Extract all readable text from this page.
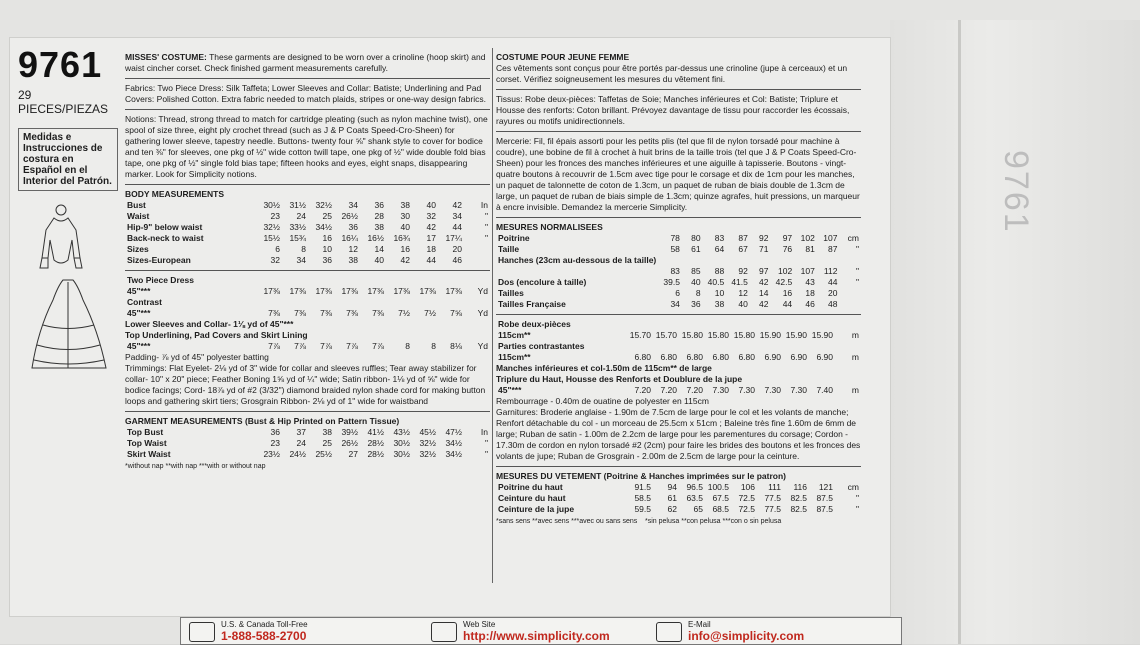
9761
9761
29 PIECES/PIEZAS
Medidas e Instrucciones de costura en Español en el Interior del Patrón.

MISSES' COSTUME: These garments are designed to be worn over a crinoline (hoop skirt) and waist cincher corset. Check finished garment measurements carefully.

Fabrics: Two Piece Dress: Silk Taffeta; Lower Sleeves and Collar: Batiste; Underlining and Pad Covers: Polished Cotton. Extra fabric needed to match plaids, stripes or one-way design fabrics.

Notions: Thread, strong thread to match for cartridge pleating (such as nylon machine twist), one spool of size three, eight ply crochet thread (such as J & P Coats Speed-Cro-Sheen) for gathering lower sleeve, tapestry needle. Buttons- twenty four ⅝" shank style to cover for bodice and ten ⅜" for sleeves, one pkg of ½" wide cotton twill tape, one pkg of ½" wide double fold bias tape, one pkg of ½" single fold bias tape; fifteen hooks and eyes, eight snaps, disappearing marker. Look for Simplicity notions.

BODY MEASUREMENTS
Bust	30½	31½	32½	34	36	38	40	42	In
Waist	23	24	25	26½	28	30	32	34	"
Hip-9" below waist	32½	33½	34½	36	38	40	42	44	"
Back-neck to waist	15½	15¾	16	16¼	16½	16¾	17	17¼	"
Sizes	6	8	10	12	14	16	18	20	
Sizes-European	32	34	36	38	40	42	44	46	
Two Piece Dress									
45"***	17⅜	17⅜	17⅜	17⅜	17⅜	17⅜	17⅜	17⅜	Yd
Contrast									
45"***	7⅜	7⅜	7⅜	7⅜	7⅜	7½	7½	7⅝	Yd

Lower Sleeves and Collar- 1⅛ yd of 45"***

Top Underlining, Pad Covers and Skirt Lining

45"***	7⅞	7⅞	7⅞	7⅞	7⅞	8	8	8⅛	Yd

Padding- ⅞ yd of 45" polyester batting

Trimmings: Flat Eyelet- 2⅛ yd of 3" wide for collar and sleeves ruffles; Tear away stabilizer for collar- 10" x 20" piece; Feather Boning 1⅝ yd of ¼" wide; Satin ribbon- 1⅛ yd of ⅝" wide for bodice facings; Cord- 18⅞ yd of #2 (3/32") diamond braided nylon shade cord for making button loops and gathering skirt tiers; Grosgrain Ribbon- 2⅛ yd of 1" wide for waistband

GARMENT MEASUREMENTS (Bust & Hip Printed on Pattern Tissue)
Top Bust	36	37	38	39½	41½	43½	45½	47½	In
Top Waist	23	24	25	26½	28½	30½	32½	34½	"
Skirt Waist	23½	24½	25½	27	28½	30½	32½	34½	"
*without nap **with nap ***with or without nap

COSTUME POUR JEUNE FEMME

Ces vêtements sont conçus pour être portés par-dessus une crinoline (jupe à cerceaux) et un corset. Vérifiez soigneusement les mesures du vêtement fini.

Tissus: Robe deux-pièces: Taffetas de Soie; Manches inférieures et Col: Batiste; Triplure et Housse des renforts: Coton brillant. Prévoyez davantage de tissu pour raccorder les écossais, rayures ou motifs unidirectionnels.

Mercerie: Fil, fil épais assorti pour les petits plis (tel que fil de nylon torsadé pour machine à coudre), une bobine de fil à crochet à huit brins de la taille trois (tel que J & P Coats Speed-Cro-Sheen) pour les fronces des manches inférieures et une aiguille à tapisserie. Boutons - vingt-quatre boutons à recouvrir de 1.5cm avec tige pour le corsage et dix de 1cm pour les manches, un paquet de talonnette de coton de 1.3cm, un paquet de ruban de biais double de 1.3cm de large, un paquet de ruban de biais simple de 1.3cm; quinze agrafes, huit pressions, un marqueur à encre invisible. Demandez la mercerie Simplicity.

MESURES NORMALISEES
Poitrine	78	80	83	87	92	97	102	107	cm
Taille	58	61	64	67	71	76	81	87	"
Hanches (23cm au-dessous de la taille)									
	83	85	88	92	97	102	107	112	"
Dos (encolure à taille)	39.5	40	40.5	41.5	42	42.5	43	44	"
Tailles	6	8	10	12	14	16	18	20	
Tailles Française	34	36	38	40	42	44	46	48	
Robe deux-pièces									
115cm**	15.70	15.70	15.80	15.80	15.80	15.90	15.90	15.90	m
Parties contrastantes									
115cm**	6.80	6.80	6.80	6.80	6.80	6.90	6.90	6.90	m

Manches inférieures et col-1.50m de 115cm** de large

Triplure du Haut, Housse des Renforts et Doublure de la jupe

45"***	7.20	7.20	7.20	7.30	7.30	7.30	7.30	7.40	m

Rembourrage - 0.40m de ouatine de polyester en 115cm

Garnitures: Broderie anglaise - 1.90m de 7.5cm de large pour le col et les volants de manche; Renfort détachable du col - un morceau de 25.5cm x 51cm ; Baleine très fine 1.60m de 6mm de large; Ruban de satin - 1.00m de 2.2cm de large pour les parementures du corsage; Cordon - 17.30m de cordon en nylon torsadé #2 (2cm) pour faire les brides des boutons et les fronces des volants de jupe; Ruban de Grosgrain - 2.00m de 2.5cm de large pour la ceinture.

MESURES DU VETEMENT (Poitrine & Hanches imprimées sur le patron)
Poitrine du haut	91.5	94	96.5	100.5	106	111	116	121	cm
Ceinture du haut	58.5	61	63.5	67.5	72.5	77.5	82.5	87.5	"
Ceinture de la jupe	59.5	62	65	68.5	72.5	77.5	82.5	87.5	"
*sans sens **avec sens ***avec ou sans sens *sin pelusa **con pelusa ***con o sin pelusa
U.S. & Canada Toll-Free
1-888-588-2700
Web Site
http://www.simplicity.com
E-Mail
info@simplicity.com
